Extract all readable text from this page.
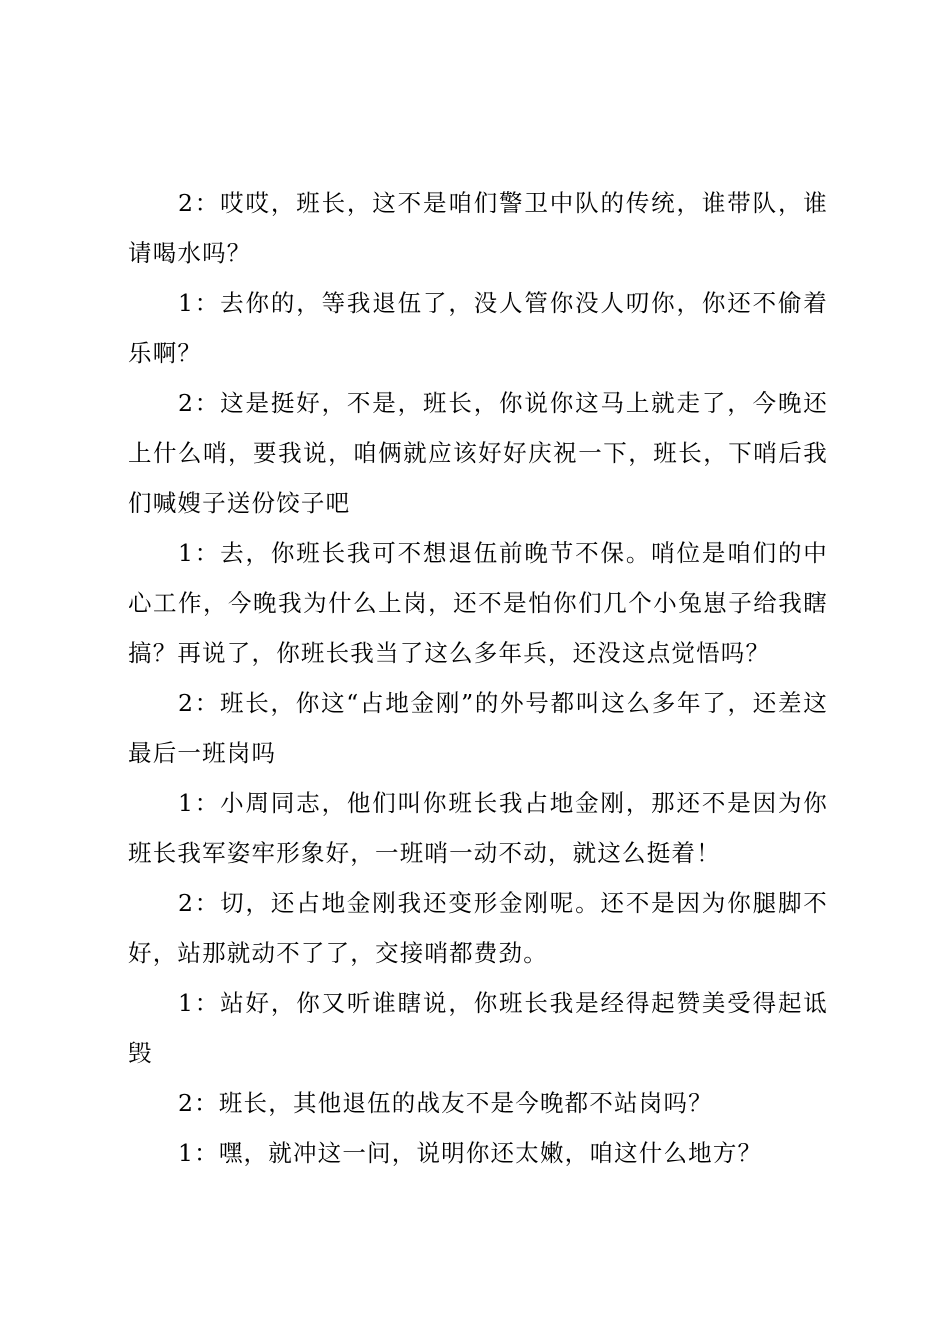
2：哎哎，班长，这不是咱们警卫中队的传统，谁带队，谁请喝水吗？

1：去你的，等我退伍了，没人管你没人叨你，你还不偷着乐啊？

2：这是挺好，不是，班长，你说你这马上就走了，今晚还上什么哨，要我说，咱俩就应该好好庆祝一下，班长，下哨后我们喊嫂子送份饺子吧

1：去，你班长我可不想退伍前晚节不保。哨位是咱们的中心工作，今晚我为什么上岗，还不是怕你们几个小兔崽子给我瞎搞？再说了，你班长我当了这么多年兵，还没这点觉悟吗？

2：班长，你这“占地金刚”的外号都叫这么多年了，还差这最后一班岗吗

1：小周同志，他们叫你班长我占地金刚，那还不是因为你班长我军姿牢形象好，一班哨一动不动，就这么挺着！

2：切，还占地金刚我还变形金刚呢。还不是因为你腿脚不好，站那就动不了了，交接哨都费劲。

1：站好，你又听谁瞎说，你班长我是经得起赞美受得起诋毁

2：班长，其他退伍的战友不是今晚都不站岗吗？

1：嘿，就冲这一问，说明你还太嫩，咱这什么地方？
